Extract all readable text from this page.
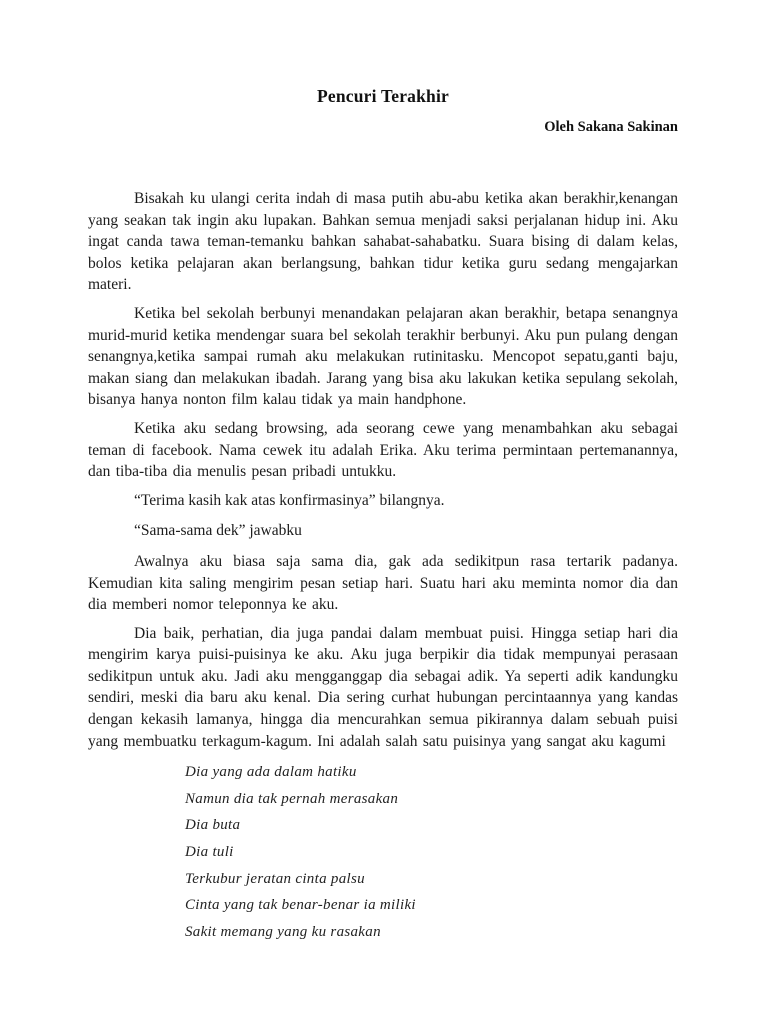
Pencuri Terakhir
Oleh Sakana Sakinan

Bisakah ku ulangi cerita indah di masa putih abu-abu ketika akan berakhir,kenangan yang seakan tak ingin aku lupakan. Bahkan semua menjadi saksi perjalanan hidup ini. Aku ingat canda tawa teman-temanku bahkan sahabat-sahabatku. Suara bising di dalam kelas, bolos ketika pelajaran akan berlangsung, bahkan tidur ketika guru sedang mengajarkan materi.

Ketika bel sekolah berbunyi menandakan pelajaran akan berakhir, betapa senangnya murid-murid ketika mendengar suara bel sekolah terakhir berbunyi. Aku pun pulang dengan senangnya,ketika sampai rumah aku melakukan rutinitasku. Mencopot sepatu,ganti baju, makan siang dan melakukan ibadah. Jarang yang bisa aku lakukan ketika sepulang sekolah, bisanya hanya nonton film kalau tidak ya main handphone.

Ketika aku sedang browsing, ada seorang cewe yang menambahkan aku sebagai teman di facebook. Nama cewek itu adalah Erika. Aku terima permintaan pertemanannya, dan tiba-tiba dia menulis pesan pribadi untukku.

“Terima kasih kak atas konfirmasinya” bilangnya.

“Sama-sama dek” jawabku

Awalnya aku biasa saja sama dia, gak ada sedikitpun rasa tertarik padanya. Kemudian kita saling mengirim pesan setiap hari. Suatu hari aku meminta nomor dia dan dia memberi nomor teleponnya ke aku.

Dia baik, perhatian, dia juga pandai dalam membuat puisi. Hingga setiap hari dia mengirim karya puisi-puisinya ke aku. Aku juga berpikir dia tidak mempunyai perasaan sedikitpun untuk aku. Jadi aku mengganggap dia sebagai adik. Ya seperti adik kandungku sendiri, meski dia baru aku kenal. Dia sering curhat hubungan percintaannya yang kandas dengan kekasih lamanya, hingga dia mencurahkan semua pikirannya dalam sebuah puisi yang membuatku terkagum-kagum. Ini adalah salah satu puisinya yang sangat aku kagumi

Dia yang ada dalam hatiku

Namun dia tak pernah merasakan

Dia buta

Dia tuli

Terkubur jeratan cinta palsu

Cinta yang tak benar-benar ia miliki

Sakit memang yang ku rasakan
